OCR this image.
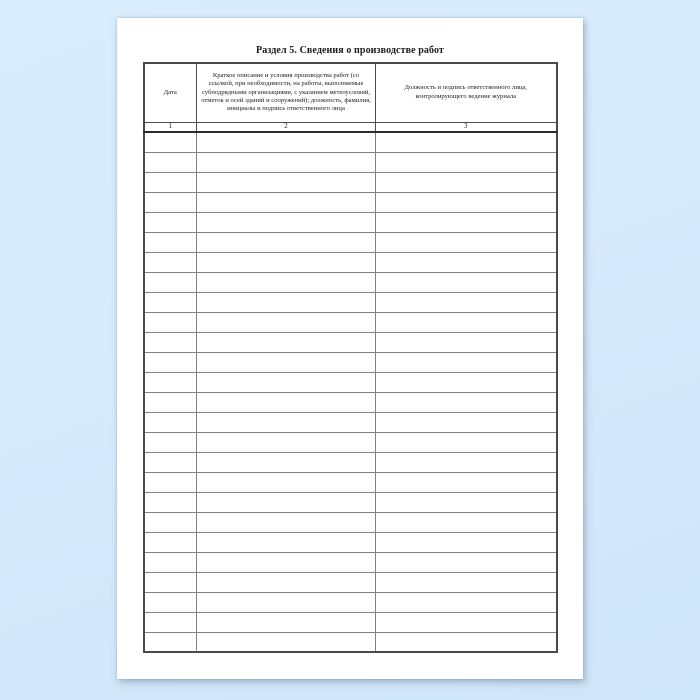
Раздел 5. Сведения о производстве работ
Дата	Краткое описание и условия производства работ (со ссылкой, при необходимости, на работы, выполняемые субподрядными организациями, с указанием метеоусловий, отметок и осей зданий и сооружений); должность, фамилия, инициалы и подпись ответственного лица	Должность и подпись ответственного лица, контролирующего ведение журнала
1	2	3
